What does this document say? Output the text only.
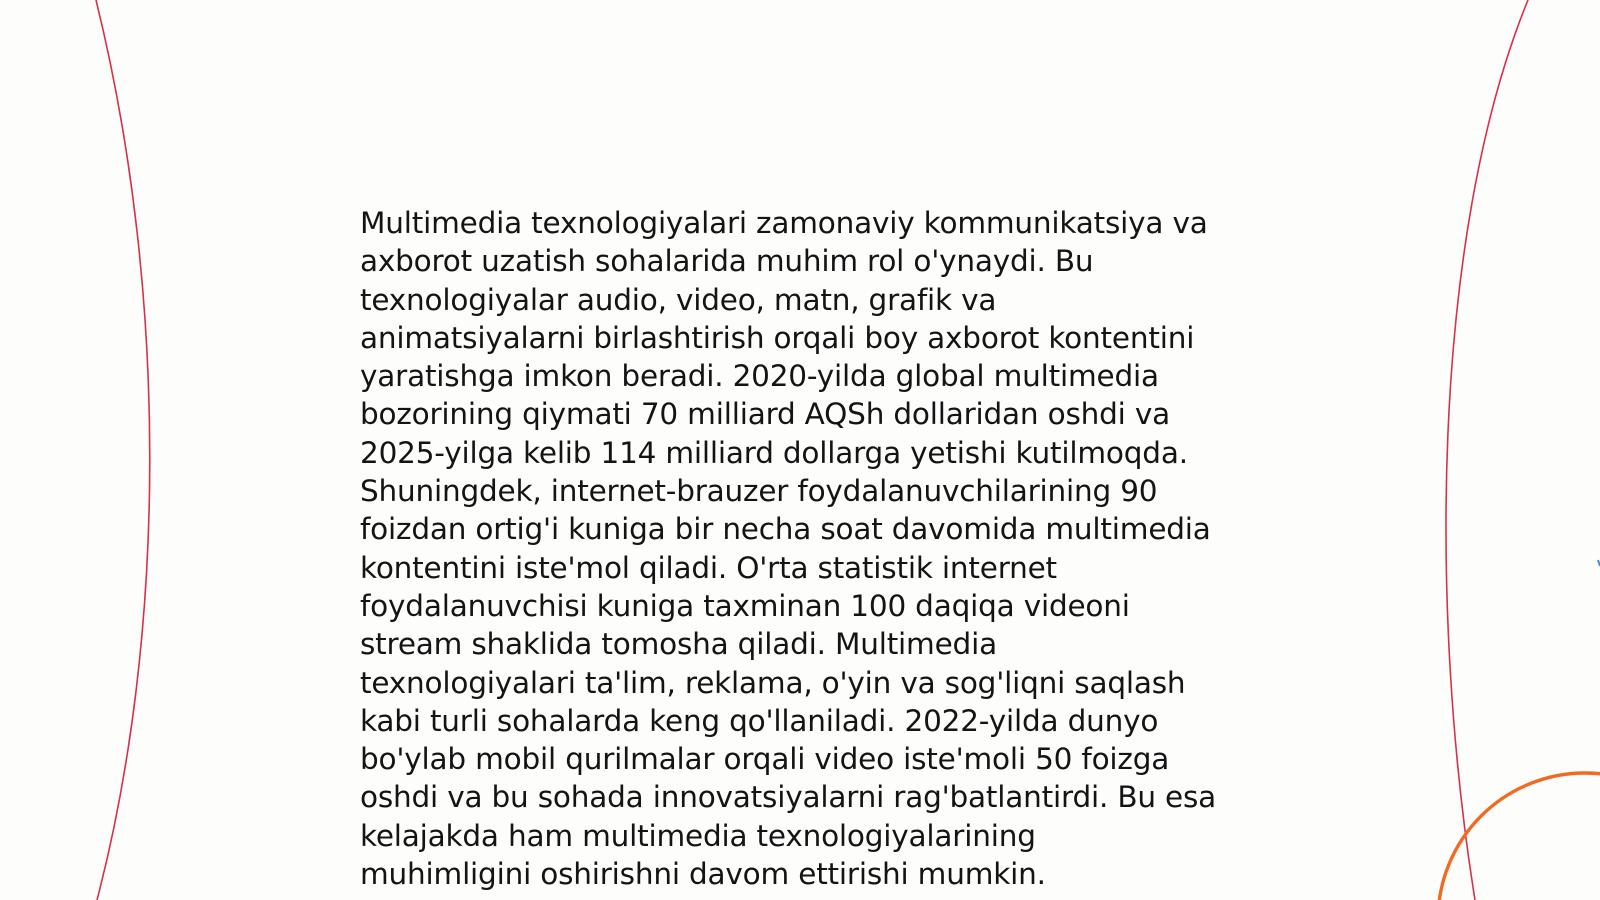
Multimedia texnologiyalari zamonaviy kommunikatsiya va
axborot uzatish sohalarida muhim rol o'ynaydi. Bu
texnologiyalar audio, video, matn, grafik va
animatsiyalarni birlashtirish orqali boy axborot kontentini
yaratishga imkon beradi. 2020-yilda global multimedia
bozorining qiymati 70 milliard AQSh dollaridan oshdi va
2025-yilga kelib 114 milliard dollarga yetishi kutilmoqda.
Shuningdek, internet-brauzer foydalanuvchilarining 90
foizdan ortig'i kuniga bir necha soat davomida multimedia
kontentini iste'mol qiladi. O'rta statistik internet
foydalanuvchisi kuniga taxminan 100 daqiqa videoni
stream shaklida tomosha qiladi. Multimedia
texnologiyalari ta'lim, reklama, o'yin va sog'liqni saqlash
kabi turli sohalarda keng qo'llaniladi. 2022-yilda dunyo
bo'ylab mobil qurilmalar orqali video iste'moli 50 foizga
oshdi va bu sohada innovatsiyalarni rag'batlantirdi. Bu esa
kelajakda ham multimedia texnologiyalarining
muhimligini oshirishni davom ettirishi mumkin.
